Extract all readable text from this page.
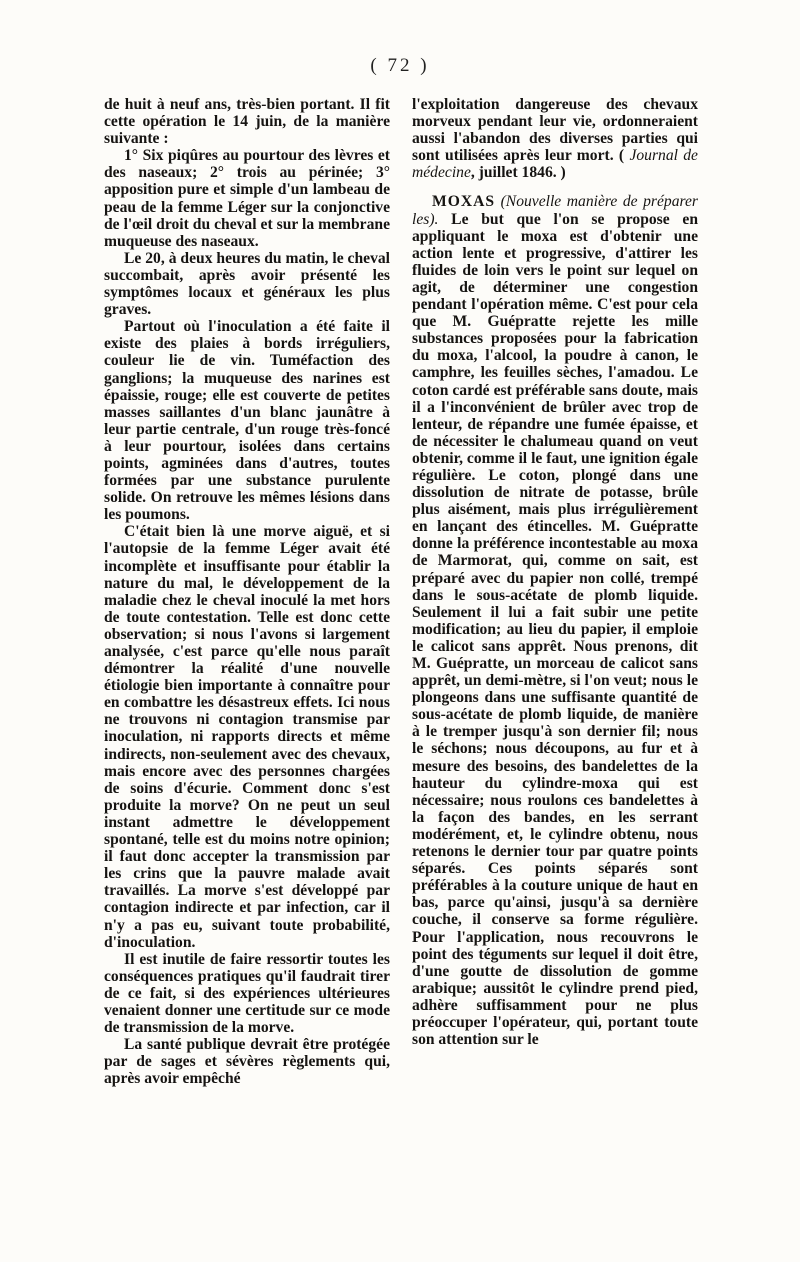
( 72 )

de huit à neuf ans, très-bien portant. Il fit cette opération le 14 juin, de la manière suivante :

1° Six piqûres au pourtour des lèvres et des naseaux; 2° trois au périnée; 3° apposition pure et simple d'un lambeau de peau de la femme Léger sur la conjonctive de l'œil droit du cheval et sur la membrane muqueuse des naseaux.

Le 20, à deux heures du matin, le cheval succombait, après avoir présenté les symptômes locaux et généraux les plus graves.

Partout où l'inoculation a été faite il existe des plaies à bords irréguliers, couleur lie de vin. Tuméfaction des ganglions; la muqueuse des narines est épaissie, rouge; elle est couverte de petites masses saillantes d'un blanc jaunâtre à leur partie centrale, d'un rouge très-foncé à leur pourtour, isolées dans certains points, agminées dans d'autres, toutes formées par une substance purulente solide. On retrouve les mêmes lésions dans les poumons.

C'était bien là une morve aiguë, et si l'autopsie de la femme Léger avait été incomplète et insuffisante pour établir la nature du mal, le développement de la maladie chez le cheval inoculé la met hors de toute contestation. Telle est donc cette observation; si nous l'avons si largement analysée, c'est parce qu'elle nous paraît démontrer la réalité d'une nouvelle étiologie bien importante à connaître pour en combattre les désastreux effets. Ici nous ne trouvons ni contagion transmise par inoculation, ni rapports directs et même indirects, non-seulement avec des chevaux, mais encore avec des personnes chargées de soins d'écurie. Comment donc s'est produite la morve? On ne peut un seul instant admettre le développement spontané, telle est du moins notre opinion; il faut donc accepter la transmission par les crins que la pauvre malade avait travaillés. La morve s'est développé par contagion indirecte et par infection, car il n'y a pas eu, suivant toute probabilité, d'inoculation.

Il est inutile de faire ressortir toutes les conséquences pratiques qu'il faudrait tirer de ce fait, si des expériences ultérieures venaient donner une certitude sur ce mode de transmission de la morve.

La santé publique devrait être protégée par de sages et sévères règlements qui, après avoir empêché

l'exploitation dangereuse des chevaux morveux pendant leur vie, ordonneraient aussi l'abandon des diverses parties qui sont utilisées après leur mort. ( Journal de médecine, juillet 1846. )

MOXAS (Nouvelle manière de préparer les). Le but que l'on se propose en appliquant le moxa est d'obtenir une action lente et progressive, d'attirer les fluides de loin vers le point sur lequel on agit, de déterminer une congestion pendant l'opération même. C'est pour cela que M. Guépratte rejette les mille substances proposées pour la fabrication du moxa, l'alcool, la poudre à canon, le camphre, les feuilles sèches, l'amadou. Le coton cardé est préférable sans doute, mais il a l'inconvénient de brûler avec trop de lenteur, de répandre une fumée épaisse, et de nécessiter le chalumeau quand on veut obtenir, comme il le faut, une ignition égale régulière. Le coton, plongé dans une dissolution de nitrate de potasse, brûle plus aisément, mais plus irrégulièrement en lançant des étincelles. M. Guépratte donne la préférence incontestable au moxa de Marmorat, qui, comme on sait, est préparé avec du papier non collé, trempé dans le sous-acétate de plomb liquide. Seulement il lui a fait subir une petite modification; au lieu du papier, il emploie le calicot sans apprêt. Nous prenons, dit M. Guépratte, un morceau de calicot sans apprêt, un demi-mètre, si l'on veut; nous le plongeons dans une suffisante quantité de sous-acétate de plomb liquide, de manière à le tremper jusqu'à son dernier fil; nous le séchons; nous découpons, au fur et à mesure des besoins, des bandelettes de la hauteur du cylindre-moxa qui est nécessaire; nous roulons ces bandelettes à la façon des bandes, en les serrant modérément, et, le cylindre obtenu, nous retenons le dernier tour par quatre points séparés. Ces points séparés sont préférables à la couture unique de haut en bas, parce qu'ainsi, jusqu'à sa dernière couche, il conserve sa forme régulière. Pour l'application, nous recouvrons le point des téguments sur lequel il doit être, d'une goutte de dissolution de gomme arabique; aussitôt le cylindre prend pied, adhère suffisamment pour ne plus préoccuper l'opérateur, qui, portant toute son attention sur le
